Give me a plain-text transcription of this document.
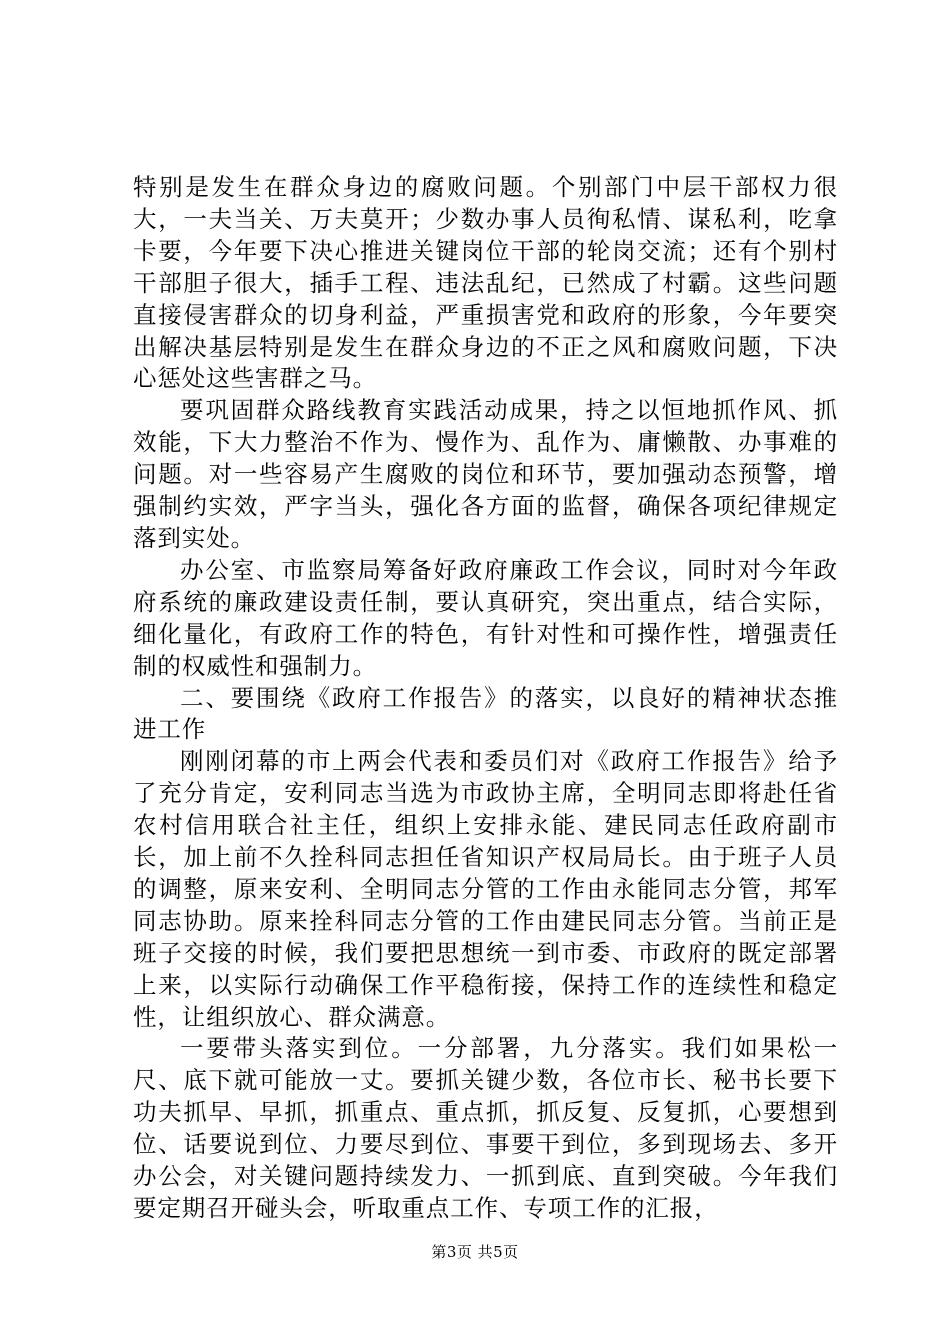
特别是发生在群众身边的腐败问题。个别部门中层干部权力很大，一夫当关、万夫莫开；少数办事人员徇私情、谋私利，吃拿卡要，今年要下决心推进关键岗位干部的轮岗交流；还有个别村干部胆子很大，插手工程、违法乱纪，已然成了村霸。这些问题直接侵害群众的切身利益，严重损害党和政府的形象，今年要突出解决基层特别是发生在群众身边的不正之风和腐败问题，下决心惩处这些害群之马。

要巩固群众路线教育实践活动成果，持之以恒地抓作风、抓效能，下大力整治不作为、慢作为、乱作为、庸懒散、办事难的问题。对一些容易产生腐败的岗位和环节，要加强动态预警，增强制约实效，严字当头，强化各方面的监督，确保各项纪律规定落到实处。

办公室、市监察局筹备好政府廉政工作会议，同时对今年政府系统的廉政建设责任制，要认真研究，突出重点，结合实际，细化量化，有政府工作的特色，有针对性和可操作性，增强责任制的权威性和强制力。

二、要围绕《政府工作报告》的落实，以良好的精神状态推进工作

刚刚闭幕的市上两会代表和委员们对《政府工作报告》给予了充分肯定，安利同志当选为市政协主席，全明同志即将赴任省农村信用联合社主任，组织上安排永能、建民同志任政府副市长，加上前不久拴科同志担任省知识产权局局长。由于班子人员的调整，原来安利、全明同志分管的工作由永能同志分管，邦军同志协助。原来拴科同志分管的工作由建民同志分管。当前正是班子交接的时候，我们要把思想统一到市委、市政府的既定部署上来，以实际行动确保工作平稳衔接，保持工作的连续性和稳定性，让组织放心、群众满意。

一要带头落实到位。一分部署，九分落实。我们如果松一尺、底下就可能放一丈。要抓关键少数，各位市长、秘书长要下功夫抓早、早抓，抓重点、重点抓，抓反复、反复抓，心要想到位、话要说到位、力要尽到位、事要干到位，多到现场去、多开办公会，对关键问题持续发力、一抓到底、直到突破。今年我们要定期召开碰头会，听取重点工作、专项工作的汇报，

第3页 共5页
